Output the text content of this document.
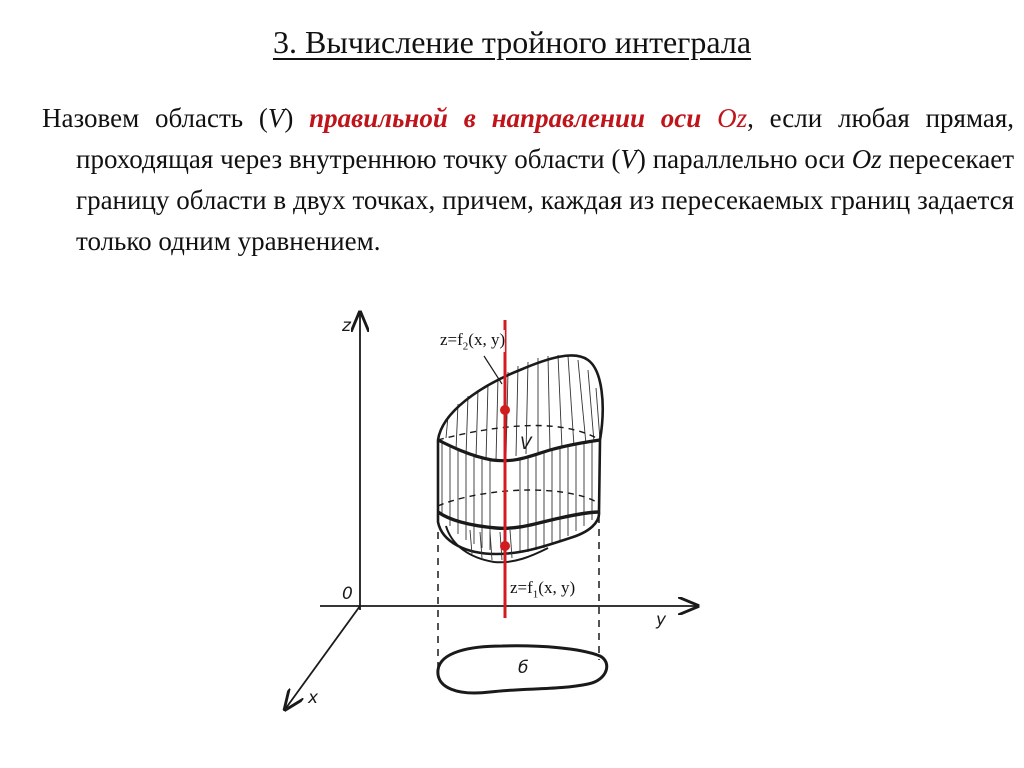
3. Вычисление тройного интеграла
Назовем область (V) правильной в направлении оси Oz, если любая прямая, проходящая через внутреннюю точку области (V) параллельно оси Oz пересекает границу области в двух точках, причем, каждая из пересекаемых границ задается только одним уравнением.
z
y
x
0
V
б
$z=f_2(x$, y)
$z=f_1(x$, y)
